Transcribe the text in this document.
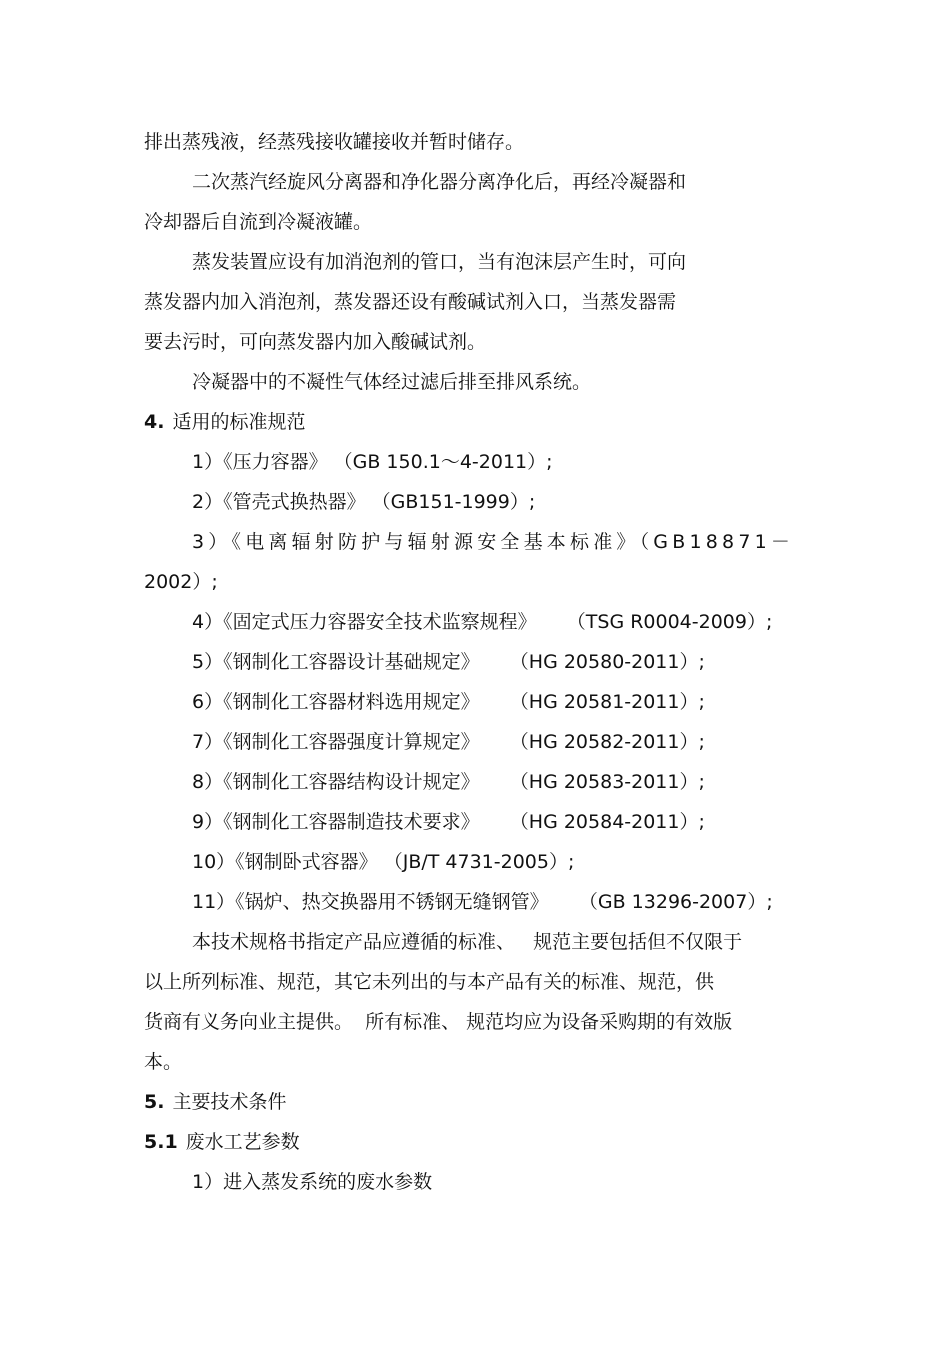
排出蒸残液，经蒸残接收罐接收并暂时储存。
二次蒸汽经旋风分离器和净化器分离净化后，再经冷凝器和
冷却器后自流到冷凝液罐。
蒸发装置应设有加消泡剂的管口，当有泡沫层产生时，可向
蒸发器内加入消泡剂，蒸发器还设有酸碱试剂入口，当蒸发器需
要去污时，可向蒸发器内加入酸碱试剂。
冷凝器中的不凝性气体经过滤后排至排风系统。
4. 适用的标准规范
1）《压力容器》 （GB 150.1～4-2011）;
2）《管壳式换热器》 （GB151-1999）;
3）《电离辐射防护与辐射源安全基本标准》（GB18871－
2002）;
4）《固定式压力容器安全技术监察规程》     （TSG R0004-2009）;
5）《钢制化工容器设计基础规定》     （HG 20580-2011）;
6）《钢制化工容器材料选用规定》     （HG 20581-2011）;
7）《钢制化工容器强度计算规定》     （HG 20582-2011）;
8）《钢制化工容器结构设计规定》     （HG 20583-2011）;
9）《钢制化工容器制造技术要求》     （HG 20584-2011）;
10）《钢制卧式容器》 （JB/T 4731-2005）;
11）《锅炉、热交换器用不锈钢无缝钢管》     （GB 13296-2007）;
本技术规格书指定产品应遵循的标准、   规范主要包括但不仅限于
以上所列标准、规范，其它未列出的与本产品有关的标准、规范，供
货商有义务向业主提供。  所有标准、 规范均应为设备采购期的有效版
本。
5. 主要技术条件
5.1 废水工艺参数
1）进入蒸发系统的废水参数
